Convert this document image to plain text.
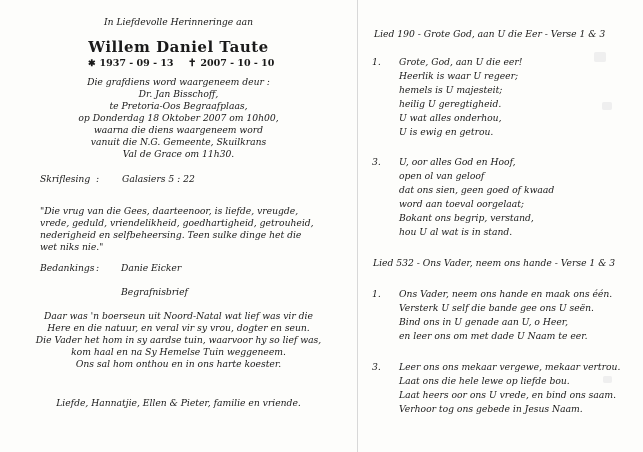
In Liefdevolle Herinneringe aan
Willem Daniel Taute
✱ 1937 - 09 - 13 ✝ 2007 - 10 - 10
Die grafdiens word waargeneem deur :
Dr. Jan Bisschoff,
te Pretoria-Oos Begraafplaas,
op Donderdag 18 Oktober 2007 om 10h00,
waarna die diens waargeneem word
vanuit die N.G. Gemeente, Skuilkrans
Val de Grace om 11h30.
Skriflesing : Galasiers 5 : 22
"Die vrug van die Gees, daarteenoor, is liefde, vreugde,
vrede, geduld, vriendelikheid, goedhartigheid, getrouheid,
nederigheid en selfbeheersing. Teen sulke dinge het die
wet niks nie."
Bedankings : Danie Eicker
Begrafnisbrief
Daar was 'n boerseun uit Noord-Natal wat lief was vir die
Here en die natuur, en veral vir sy vrou, dogter en seun.
Die Vader het hom in sy aardse tuin, waarvoor hy so lief was,
kom haal en na Sy Hemelse Tuin weggeneem.
Ons sal hom onthou en in ons harte koester.
Liefde, Hannatjie, Ellen & Pieter, familie en vriende.
Lied 190 - Grote God, aan U die Eer - Verse 1 & 3
1. Grote, God, aan U die eer!
Heerlik is waar U regeer;
hemels is U majesteit;
heilig U geregtigheid.
U wat alles onderhou,
U is ewig en getrou.
3. U, oor alles God en Hoof,
open ol van geloof
dat ons sien, geen goed of kwaad
word aan toeval oorgelaat;
Bokant ons begrip, verstand,
hou U al wat is in stand.
Lied 532 - Ons Vader, neem ons hande - Verse 1 & 3
1. Ons Vader, neem ons hande en maak ons één.
Versterk U self die bande gee ons U seën.
Bind ons in U genade aan U, o Heer,
en leer ons om met dade U Naam te eer.
3. Leer ons ons mekaar vergewe, mekaar vertrou.
Laat ons die hele lewe op liefde bou.
Laat heers oor ons U vrede, en bind ons saam.
Verhoor tog ons gebede in Jesus Naam.
